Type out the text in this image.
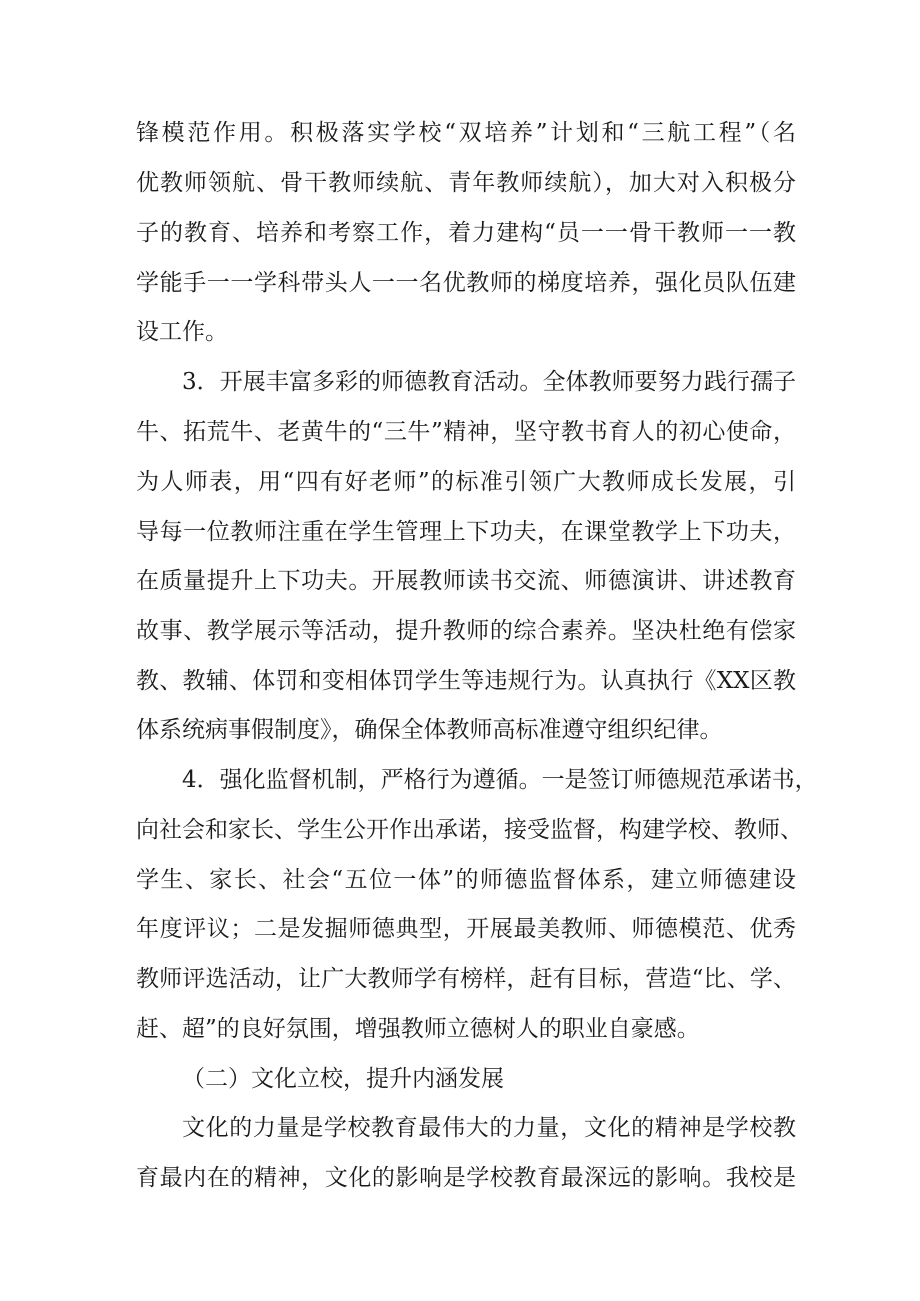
锋模范作用。积极落实学校“双培养”计划和“三航工程”（名
优教师领航、骨干教师续航、青年教师续航），加大对入积极分
子的教育、培养和考察工作，着力建构“员一一骨干教师一一教
学能手一一学科带头人一一名优教师的梯度培养，强化员队伍建
设工作。
3．开展丰富多彩的师德教育活动。全体教师要努力践行孺子
牛、拓荒牛、老黄牛的“三牛”精神，坚守教书育人的初心使命，
为人师表，用“四有好老师”的标准引领广大教师成长发展，引
导每一位教师注重在学生管理上下功夫，在课堂教学上下功夫，
在质量提升上下功夫。开展教师读书交流、师德演讲、讲述教育
故事、教学展示等活动，提升教师的综合素养。坚决杜绝有偿家
教、教辅、体罚和变相体罚学生等违规行为。认真执行《XX区教
体系统病事假制度》，确保全体教师高标准遵守组织纪律。
4．强化监督机制，严格行为遵循。一是签订师德规范承诺书，
向社会和家长、学生公开作出承诺，接受监督，构建学校、教师、
学生、家长、社会“五位一体”的师德监督体系，建立师德建设
年度评议；二是发掘师德典型，开展最美教师、师德模范、优秀
教师评选活动，让广大教师学有榜样，赶有目标，营造“比、学、
赶、超”的良好氛围，增强教师立德树人的职业自豪感。
（二）文化立校，提升内涵发展
文化的力量是学校教育最伟大的力量，文化的精神是学校教
育最内在的精神，文化的影响是学校教育最深远的影响。我校是
